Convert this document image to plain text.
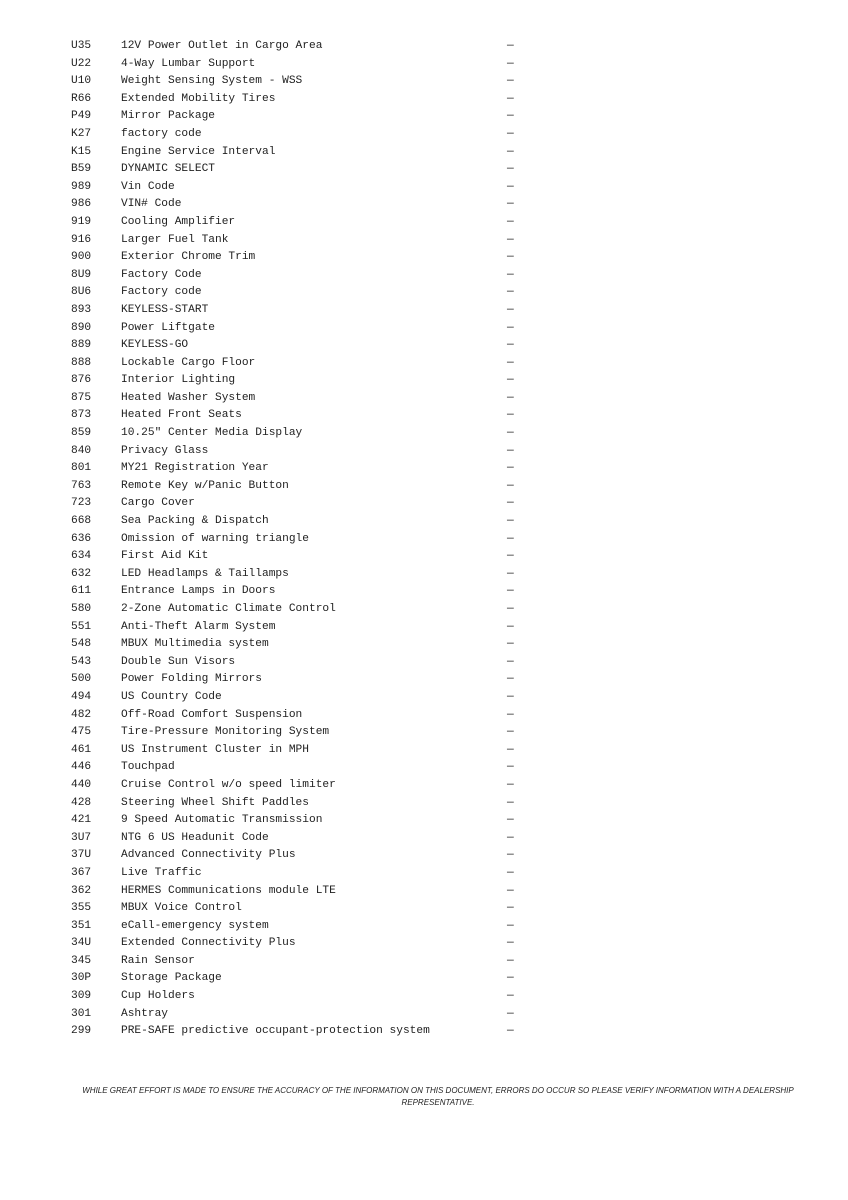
U35	12V Power Outlet in Cargo Area	—
U22	4-Way Lumbar Support	—
U10	Weight Sensing System - WSS	—
R66	Extended Mobility Tires	—
P49	Mirror Package	—
K27	factory code	—
K15	Engine Service Interval	—
B59	DYNAMIC SELECT	—
989	Vin Code	—
986	VIN# Code	—
919	Cooling Amplifier	—
916	Larger Fuel Tank	—
900	Exterior Chrome Trim	—
8U9	Factory Code	—
8U6	Factory code	—
893	KEYLESS-START	—
890	Power Liftgate	—
889	KEYLESS-GO	—
888	Lockable Cargo Floor	—
876	Interior Lighting	—
875	Heated Washer System	—
873	Heated Front Seats	—
859	10.25" Center Media Display	—
840	Privacy Glass	—
801	MY21 Registration Year	—
763	Remote Key w/Panic Button	—
723	Cargo Cover	—
668	Sea Packing & Dispatch	—
636	Omission of warning triangle	—
634	First Aid Kit	—
632	LED Headlamps & Taillamps	—
611	Entrance Lamps in Doors	—
580	2-Zone Automatic Climate Control	—
551	Anti-Theft Alarm System	—
548	MBUX Multimedia system	—
543	Double Sun Visors	—
500	Power Folding Mirrors	—
494	US Country Code	—
482	Off-Road Comfort Suspension	—
475	Tire-Pressure Monitoring System	—
461	US Instrument Cluster in MPH	—
446	Touchpad	—
440	Cruise Control w/o speed limiter	—
428	Steering Wheel Shift Paddles	—
421	9 Speed Automatic Transmission	—
3U7	NTG 6 US Headunit Code	—
37U	Advanced Connectivity Plus	—
367	Live Traffic	—
362	HERMES Communications module LTE	—
355	MBUX Voice Control	—
351	eCall-emergency system	—
34U	Extended Connectivity Plus	—
345	Rain Sensor	—
30P	Storage Package	—
309	Cup Holders	—
301	Ashtray	—
299	PRE-SAFE predictive occupant-protection system	—
WHILE GREAT EFFORT IS MADE TO ENSURE THE ACCURACY OF THE INFORMATION ON THIS DOCUMENT, ERRORS DO OCCUR SO PLEASE VERIFY INFORMATION WITH A DEALERSHIP REPRESENTATIVE.
